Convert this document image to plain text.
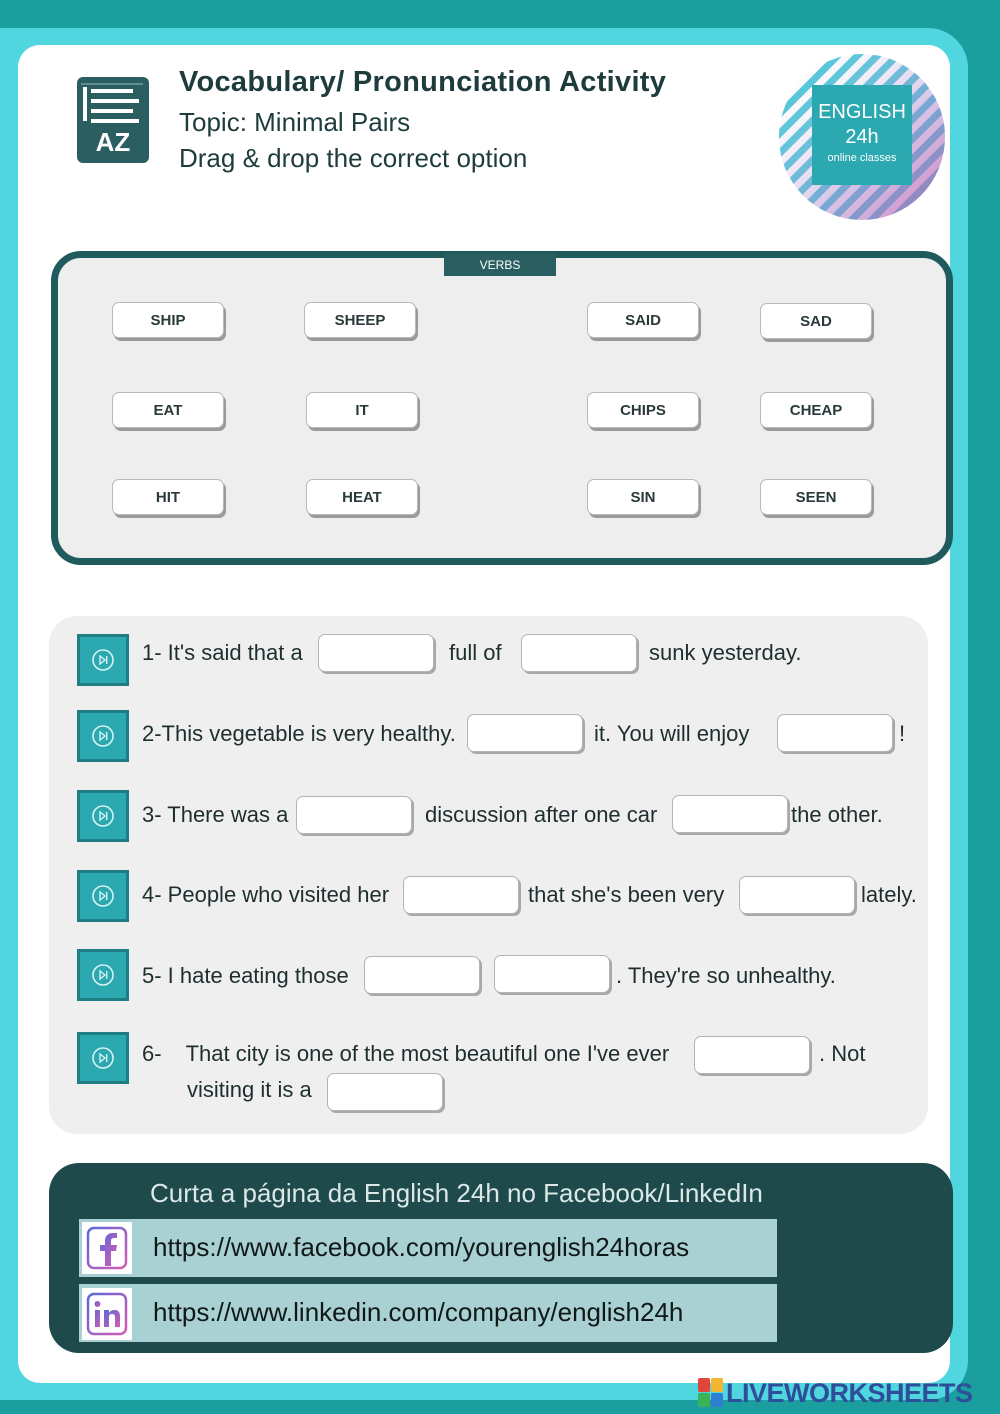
AZ
Vocabulary/ Pronunciation Activity
Topic: Minimal Pairs
Drag & drop the correct option
ENGLISH
24h
online classes
VERBS
SHIP	SHEEP	SAID	SAD
EAT	IT	CHIPS	CHEAP
HIT	HEAT	SIN	SEEN
1- It's said that a	full of	sunk yesterday.
2-This vegetable is very healthy.	it. You will enjoy	!
3- There was a	discussion after one car	the other.
4- People who visited her	that she's been very	lately.
5- I hate eating those	. They're so unhealthy.
6-    That city is one of the most beautiful one I've ever	. Not
visiting it is a
Curta a página da English 24h no Facebook/LinkedIn
https://www.facebook.com/yourenglish24horas
https://www.linkedin.com/company/english24h
LIVEWORKSHEETS
